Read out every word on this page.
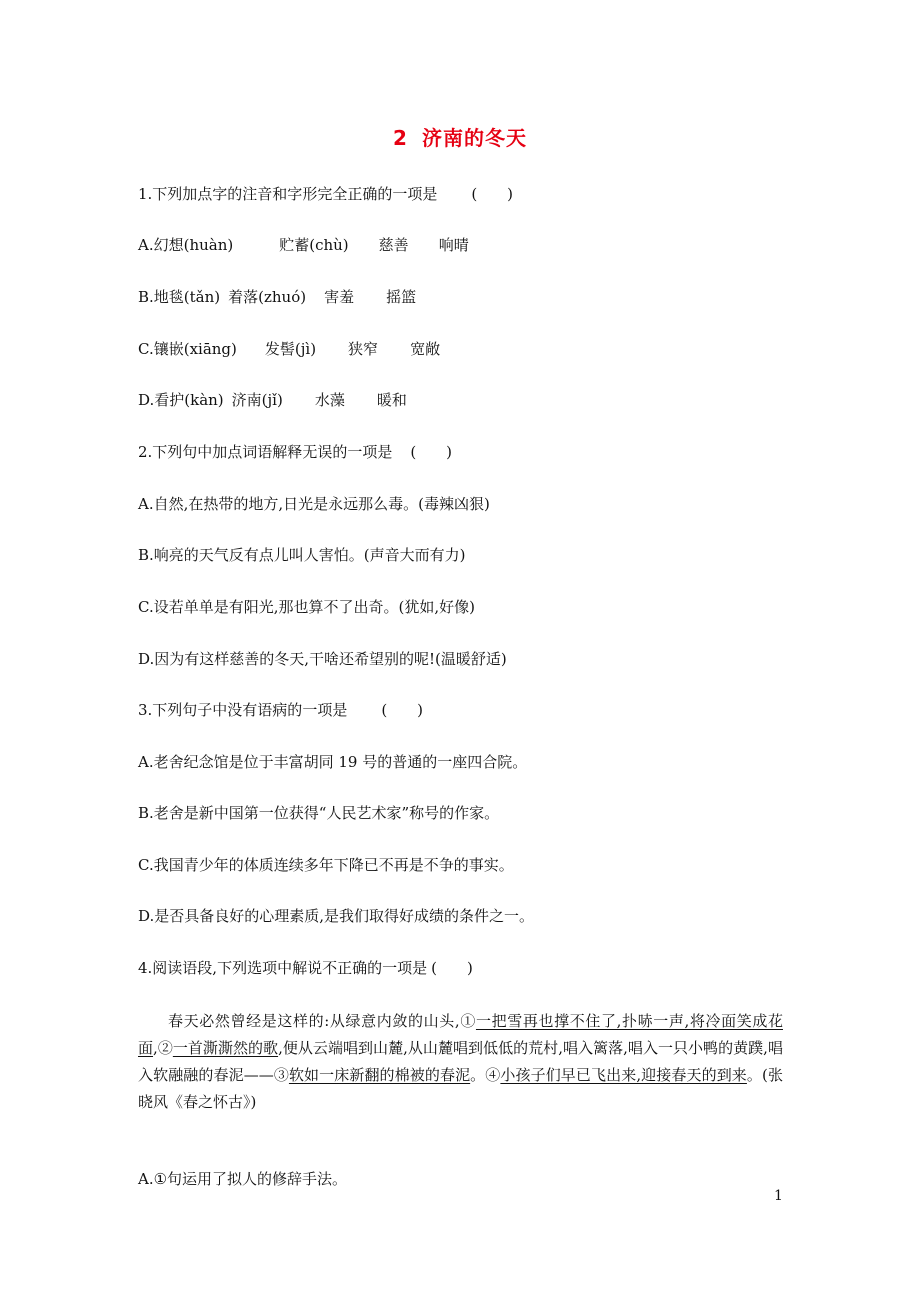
2 济南的冬天
1.下列加点字的注音和字形完全正确的一项是 (　　)
A.幻想(huàn)	贮蓄(chù) 慈善 响晴
B.地毯(tǎn) 着落(zhuó) 害羞 摇篮
C.镶嵌(xiāng) 发髻(jì) 狭窄 宽敞
D.看护(kàn) 济南(jǐ) 水藻 暖和
2.下列句中加点词语解释无误的一项是 (　　)
A.自然,在热带的地方,日光是永远那么毒。(毒辣凶狠)
B.响亮的天气反有点儿叫人害怕。(声音大而有力)
C.设若单单是有阳光,那也算不了出奇。(犹如,好像)
D.因为有这样慈善的冬天,干啥还希望别的呢!(温暖舒适)
3.下列句子中没有语病的一项是 (　　)
A.老舍纪念馆是位于丰富胡同 19 号的普通的一座四合院。
B.老舍是新中国第一位获得“人民艺术家”称号的作家。
C.我国青少年的体质连续多年下降已不再是不争的事实。
D.是否具备良好的心理素质,是我们取得好成绩的条件之一。
4.阅读语段,下列选项中解说不正确的一项是 (　　)
春天必然曾经是这样的:从绿意内敛的山头,①一把雪再也撑不住了,扑哧一声,将冷面笑成花面,②一首澌澌然的歌,便从云端唱到山麓,从山麓唱到低低的荒村,唱入篱落,唱入一只小鸭的黄蹼,唱入软融融的春泥——③软如一床新翻的棉被的春泥。④小孩子们早已飞出来,迎接春天的到来。(张晓风《春之怀古》)
A.①句运用了拟人的修辞手法。
1
